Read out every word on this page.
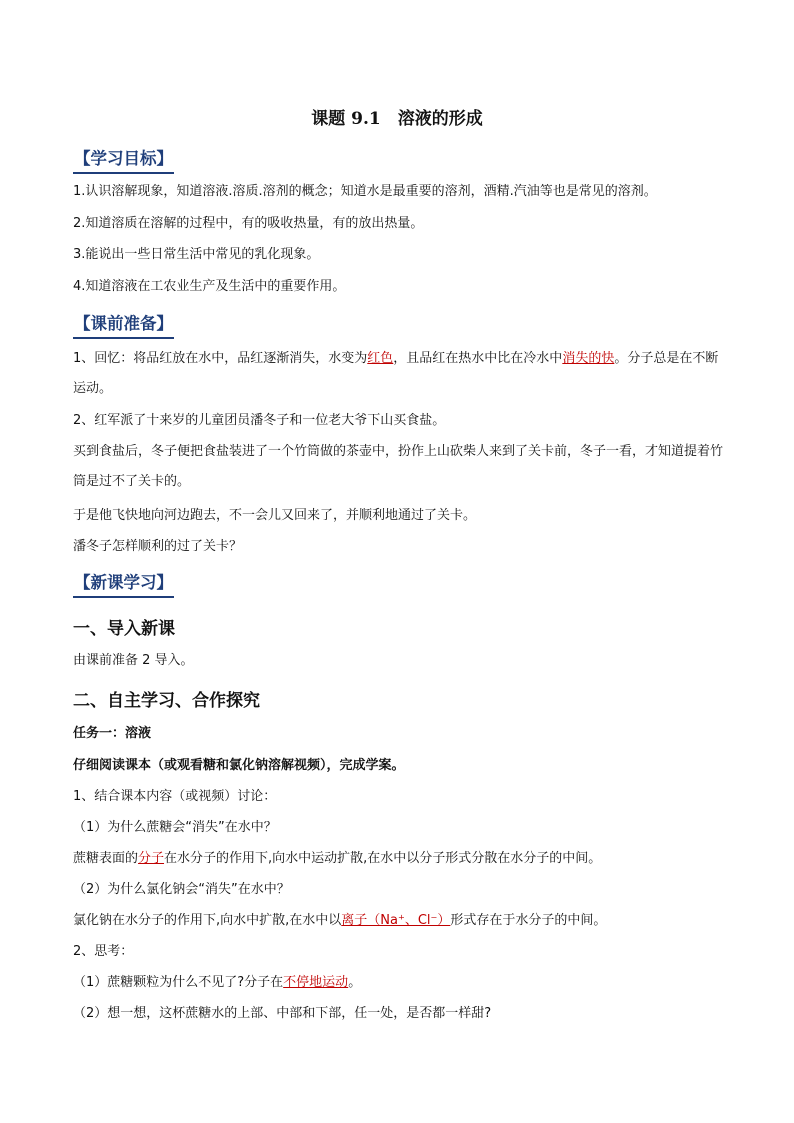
课题 9.1　溶液的形成
【学习目标】
1.认识溶解现象，知道溶液.溶质.溶剂的概念；知道水是最重要的溶剂，酒精.汽油等也是常见的溶剂。
2.知道溶质在溶解的过程中，有的吸收热量，有的放出热量。
3.能说出一些日常生活中常见的乳化现象。
4.知道溶液在工农业生产及生活中的重要作用。
【课前准备】
1、回忆：将品红放在水中，品红逐渐消失，水变为红色，且品红在热水中比在冷水中消失的快。分子总是在不断运动。
2、红军派了十来岁的儿童团员潘冬子和一位老大爷下山买食盐。
买到食盐后，冬子便把食盐装进了一个竹筒做的茶壶中，扮作上山砍柴人来到了关卡前，冬子一看，才知道提着竹筒是过不了关卡的。
于是他飞快地向河边跑去，不一会儿又回来了，并顺利地通过了关卡。
潘冬子怎样顺利的过了关卡？
【新课学习】
一、导入新课
由课前准备 2 导入。
二、自主学习、合作探究
任务一：溶液
仔细阅读课本（或观看糖和氯化钠溶解视频），完成学案。
1、结合课本内容（或视频）讨论：
（1）为什么蔗糖会“消失”在水中？
蔗糖表面的分子在水分子的作用下,向水中运动扩散,在水中以分子形式分散在水分子的中间。
（2）为什么氯化钠会“消失”在水中？
氯化钠在水分子的作用下,向水中扩散,在水中以离子（Na⁺、Cl⁻）形式存在于水分子的中间。
2、思考：
（1）蔗糖颗粒为什么不见了?分子在不停地运动。
（2）想一想，这杯蔗糖水的上部、中部和下部，任一处，是否都一样甜?
